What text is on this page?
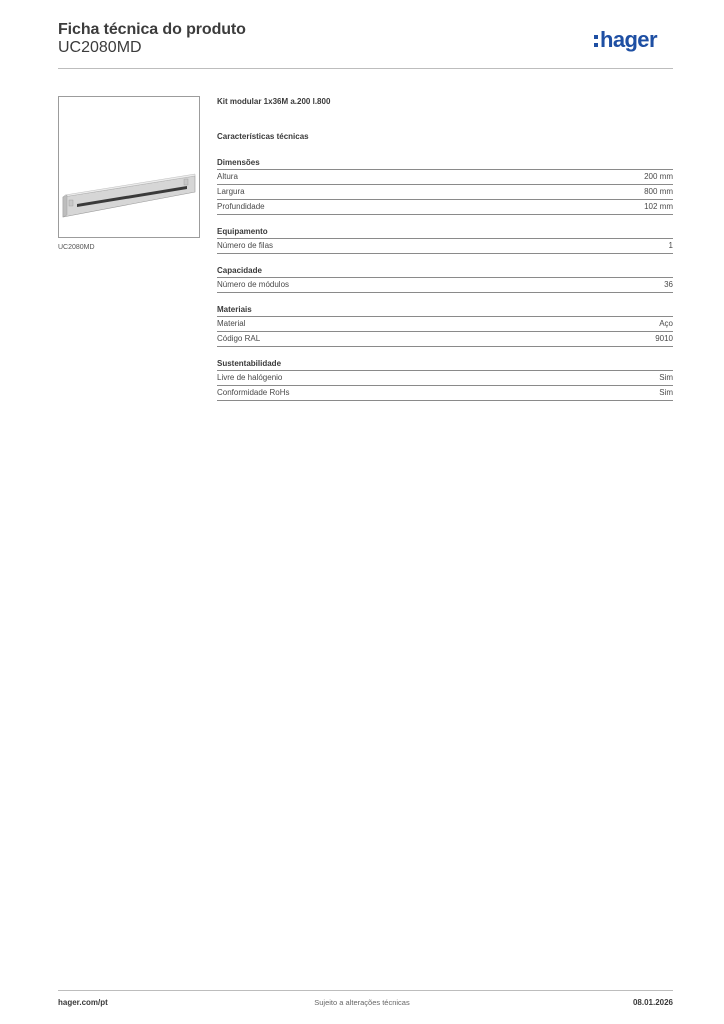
Ficha técnica do produto
UC2080MD	hager
UC2080MD
Kit modular 1x36M a.200 l.800
Características técnicas
Dimensões
Altura	200 mm
Largura	800 mm
Profundidade	102 mm
Equipamento
Número de filas	1
Capacidade
Número de módulos	36
Materiais
Material	Aço
Código RAL	9010
Sustentabilidade
Livre de halógenio	Sim
Conformidade RoHs	Sim
hager.com/pt	Sujeito a alterações técnicas	08.01.2026
